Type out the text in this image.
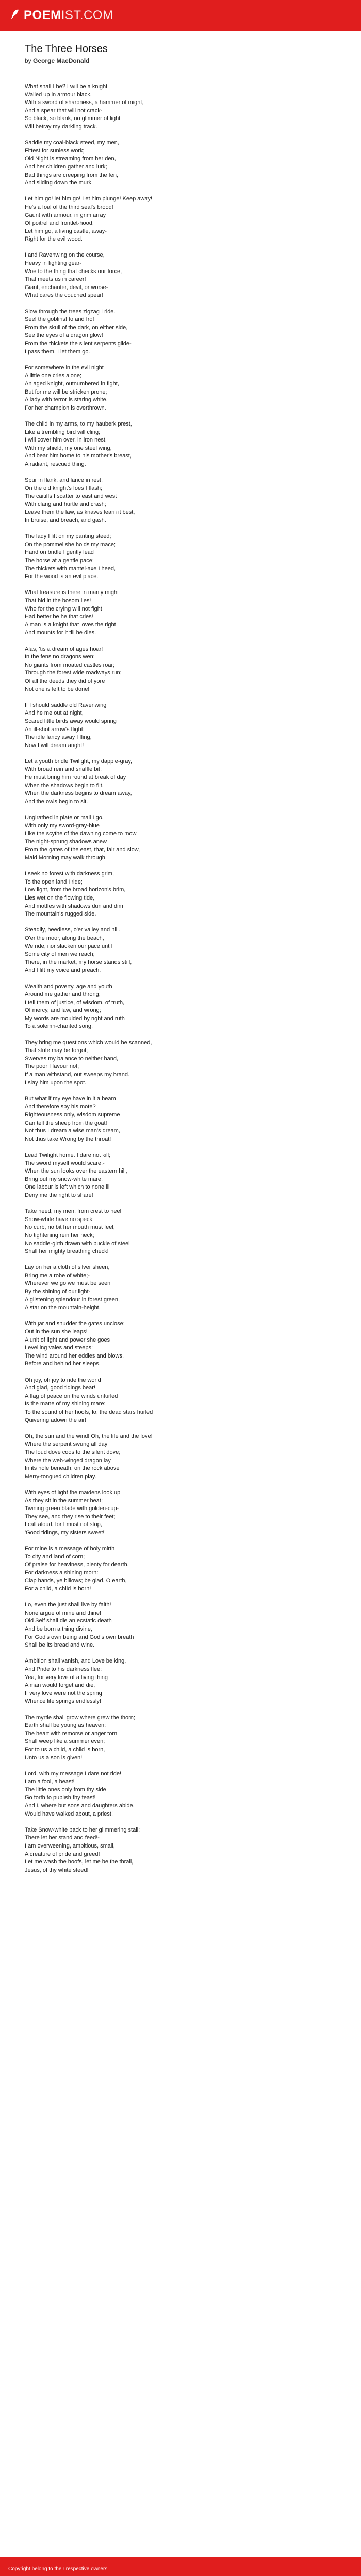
POEM IST.COM
The Three Horses
by George MacDonald

What shall I be? I will be a knight
Walled up in armour black,
With a sword of sharpness, a hammer of might,
And a spear that will not crack-
So black, so blank, no glimmer of light
Will betray my darkling track.

Saddle my coal-black steed, my men,
Fittest for sunless work;
Old Night is streaming from her den,
And her children gather and lurk;
Bad things are creeping from the fen,
And sliding down the murk.

Let him go! let him go! Let him plunge! Keep away!
He's a foal of the third seal's brood!
Gaunt with armour, in grim array
Of poitrel and frontlet-hood,
Let him go, a living castle, away-
Right for the evil wood.

I and Ravenwing on the course,
Heavy in fighting gear-
Woe to the thing that checks our force,
That meets us in career!
Giant, enchanter, devil, or worse-
What cares the couched spear!

Slow through the trees zigzag I ride.
See! the goblins! to and fro!
From the skull of the dark, on either side,
See the eyes of a dragon glow!
From the thickets the silent serpents glide-
I pass them, I let them go.

For somewhere in the evil night
A little one cries alone;
An aged knight, outnumbered in fight,
But for me will be stricken prone;
A lady with terror is staring white,
For her champion is overthrown.

The child in my arms, to my hauberk prest,
Like a trembling bird will cling;
I will cover him over, in iron nest,
With my shield, my one steel wing,
And bear him home to his mother's breast,
A radiant, rescued thing.

Spur in flank, and lance in rest,
On the old knight's foes I flash;
The caitiffs I scatter to east and west
With clang and hurtle and crash;
Leave them the law, as knaves learn it best,
In bruise, and breach, and gash.

The lady I lift on my panting steed;
On the pommel she holds my mace;
Hand on bridle I gently lead
The horse at a gentle pace;
The thickets with mantel-axe I heed,
For the wood is an evil place.

What treasure is there in manly might
That hid in the bosom lies!
Who for the crying will not fight
Had better be he that cries!
A man is a knight that loves the right
And mounts for it till he dies.

Alas, 'tis a dream of ages hoar!
In the fens no dragons wen;
No giants from moated castles roar;
Through the forest wide roadways run;
Of all the deeds they did of yore
Not one is left to be done!

If I should saddle old Ravenwing
And he me out at night,
Scared little birds away would spring
An ill-shot arrow's flight:
The idle fancy away I fling,
Now I will dream aright!

Let a youth bridle Twilight, my dapple-gray,
With broad rein and snaffle bit;
He must bring him round at break of day
When the shadows begin to flit,
When the darkness begins to dream away,
And the owls begin to sit.

Ungirathed in plate or mail I go,
With only my sword-gray-blue
Like the scythe of the dawning come to mow
The night-sprung shadows anew
From the gates of the east, that, fair and slow,
Maid Morning may walk through.

I seek no forest with darkness grim,
To the open land I ride;
Low light, from the broad horizon's brim,
Lies wet on the flowing tide,
And mottles with shadows dun and dim
The mountain's rugged side.

Steadily, heedless, o'er valley and hill.
O'er the moor, along the beach,
We ride, nor slacken our pace until
Some city of men we reach;
There, in the market, my horse stands still,
And I lift my voice and preach.

Wealth and poverty, age and youth
Around me gather and throng;
I tell them of justice, of wisdom, of truth,
Of mercy, and law, and wrong;
My words are moulded by right and ruth
To a solemn-chanted song.

They bring me questions which would be scanned,
That strife may be forgot;
Swerves my balance to neither hand,
The poor I favour not;
If a man withstand, out sweeps my brand.
I slay him upon the spot.

But what if my eye have in it a beam
And therefore spy his mote?
Righteousness only, wisdom supreme
Can tell the sheep from the goat!
Not thus I dream a wise man's dream,
Not thus take Wrong by the throat!

Lead Twilight home. I dare not kill;
The sword myself would scare,-
When the sun looks over the eastern hill,
Bring out my snow-white mare:
One labour is left which to none ill
Deny me the right to share!

Take heed, my men, from crest to heel
Snow-white have no speck;
No curb, no bit her mouth must feel,
No tightening rein her neck;
No saddle-girth drawn with buckle of steel
Shall her mighty breathing check!

Lay on her a cloth of silver sheen,
Bring me a robe of white;-
Wherever we go we must be seen
By the shining of our light-
A glistening splendour in forest green,
A star on the mountain-height.

With jar and shudder the gates unclose;
Out in the sun she leaps!
A unit of light and power she goes
Levelling vales and steeps:
The wind around her eddies and blows,
Before and behind her sleeps.

Oh joy, oh joy to ride the world
And glad, good tidings bear!
A flag of peace on the winds unfurled
Is the mane of my shining mare:
To the sound of her hoofs, lo, the dead stars hurled
Quivering adown the air!

Oh, the sun and the wind! Oh, the life and the love!
Where the serpent swung all day
The loud dove coos to the silent dove;
Where the web-winged dragon lay
In its hole beneath, on the rock above
Merry-tongued children play.

With eyes of light the maidens look up
As they sit in the summer heat;
Twining green blade with golden-cup-
They see, and they rise to their feet;
I call aloud, for I must not stop,
'Good tidings, my sisters sweet!'

For mine is a message of holy mirth
To city and land of corn;
Of praise for heaviness, plenty for dearth,
For darkness a shining morn:
Clap hands, ye billows; be glad, O earth,
For a child, a child is born!

Lo, even the just shall live by faith!
None argue of mine and thine!
Old Self shall die an ecstatic death
And be born a thing divine,
For God's own being and God's own breath
Shall be its bread and wine.

Ambition shall vanish, and Love be king,
And Pride to his darkness flee;
Yea, for very love of a living thing
A man would forget and die,
If very love were not the spring
Whence life springs endlessly!

The myrtle shall grow where grew the thorn;
Earth shall be young as heaven;
The heart with remorse or anger torn
Shall weep like a summer even;
For to us a child, a child is born,
Unto us a son is given!

Lord, with my message I dare not ride!
I am a fool, a beast!
The little ones only from thy side
Go forth to publish thy feast!
And I, where but sons and daughters abide,
Would have walked about, a priest!

Take Snow-white back to her glimmering stall;
There let her stand and feed!-
I am overweening, ambitious, small,
A creature of pride and greed!
Let me wash the hoofs, let me be the thrall,
Jesus, of thy white steed!

Copyright belong to their respective owners
